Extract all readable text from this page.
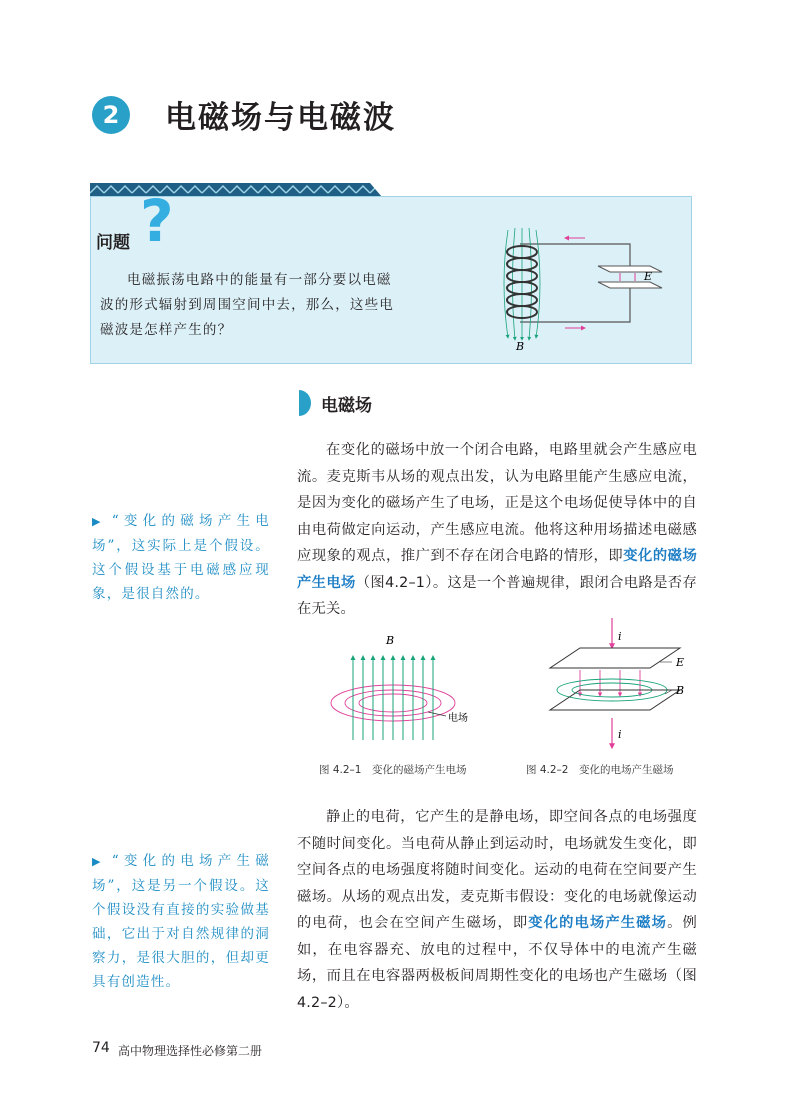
2	电磁场与电磁波
?
问题
电磁振荡电路中的能量有一部分要以电磁波的形式辐射到周围空间中去，那么，这些电磁波是怎样产生的？
E
B
电磁场
在变化的磁场中放一个闭合电路，电路里就会产生感应电流。麦克斯韦从场的观点出发，认为电路里能产生感应电流，是因为变化的磁场产生了电场，正是这个电场促使导体中的自由电荷做定向运动，产生感应电流。他将这种用场描述电磁感应现象的观点，推广到不存在闭合电路的情形，即变化的磁场产生电场（图4.2–1）。这是一个普遍规律，跟闭合电路是否存在无关。
▶ “变化的磁场产生电场”，这实际上是个假设。这个假设基于电磁感应现象，是很自然的。
B
电场
i
E
B
i
图 4.2–1　变化的磁场产生电场	图 4.2–2　变化的电场产生磁场
静止的电荷，它产生的是静电场，即空间各点的电场强度不随时间变化。当电荷从静止到运动时，电场就发生变化，即空间各点的电场强度将随时间变化。运动的电荷在空间要产生磁场。从场的观点出发，麦克斯韦假设：变化的电场就像运动的电荷，也会在空间产生磁场，即变化的电场产生磁场。例如，在电容器充、放电的过程中，不仅导体中的电流产生磁场，而且在电容器两极板间周期性变化的电场也产生磁场（图4.2–2）。
▶ “变化的电场产生磁场”，这是另一个假设。这个假设没有直接的实验做基础，它出于对自然规律的洞察力，是很大胆的，但却更具有创造性。
74 高中物理选择性必修第二册
